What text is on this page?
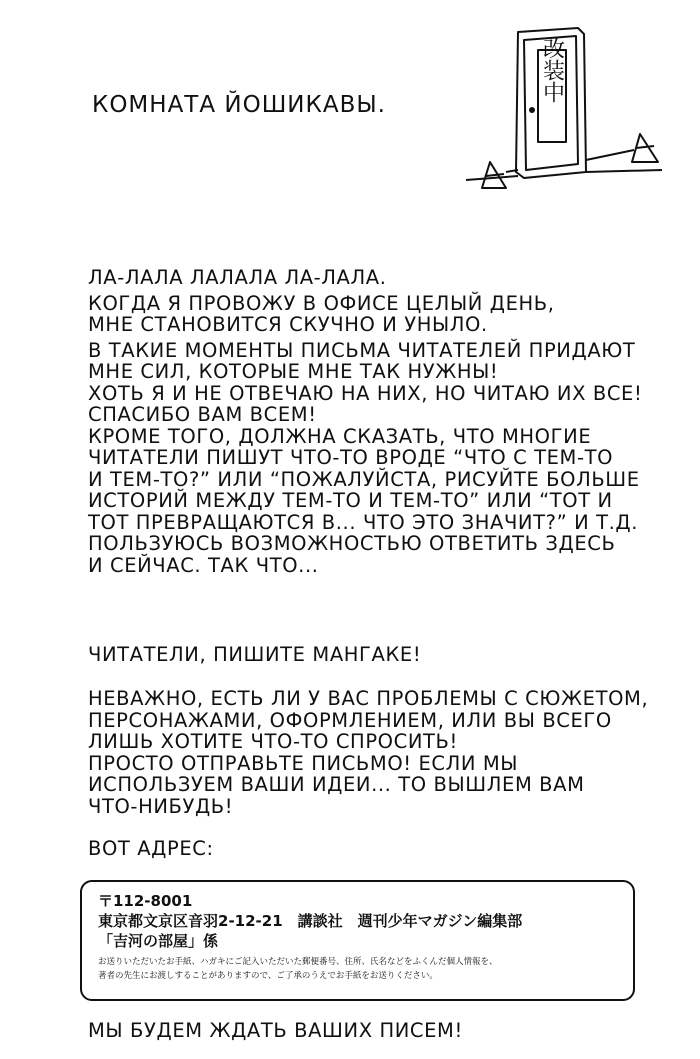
КОМНАТА ЙОШИКАВЫ.
改装中
ЛА-ЛАЛА ЛАЛАЛА ЛА-ЛАЛА.
КОГДА Я ПРОВОЖУ В ОФИСЕ ЦЕЛЫЙ ДЕНЬ,
МНЕ СТАНОВИТСЯ СКУЧНО И УНЫЛО.
В ТАКИЕ МОМЕНТЫ ПИСЬМА ЧИТАТЕЛЕЙ ПРИДАЮТ
МНЕ СИЛ, КОТОРЫЕ МНЕ ТАК НУЖНЫ!
ХОТЬ Я И НЕ ОТВЕЧАЮ НА НИХ, НО ЧИТАЮ ИХ ВСЕ!
СПАСИБО ВАМ ВСЕМ!
КРОМЕ ТОГО, ДОЛЖНА СКАЗАТЬ, ЧТО МНОГИЕ
ЧИТАТЕЛИ ПИШУТ ЧТО-ТО ВРОДЕ “ЧТО С ТЕМ-ТО
И ТЕМ-ТО?” ИЛИ “ПОЖАЛУЙСТА, РИСУЙТЕ БОЛЬШЕ
ИСТОРИЙ МЕЖДУ ТЕМ-ТО И ТЕМ-ТО” ИЛИ “ТОТ И
ТОТ ПРЕВРАЩАЮТСЯ В... ЧТО ЭТО ЗНАЧИТ?” И Т.Д.
ПОЛЬЗУЮСЬ ВОЗМОЖНОСТЬЮ ОТВЕТИТЬ ЗДЕСЬ
И СЕЙЧАС. ТАК ЧТО...
ЧИТАТЕЛИ, ПИШИТЕ МАНГАКЕ!
НЕВАЖНО, ЕСТЬ ЛИ У ВАС ПРОБЛЕМЫ С СЮЖЕТОМ,
ПЕРСОНАЖАМИ, ОФОРМЛЕНИЕМ, ИЛИ ВЫ ВСЕГО
ЛИШЬ ХОТИТЕ ЧТО-ТО СПРОСИТЬ!
ПРОСТО ОТПРАВЬТЕ ПИСЬМО! ЕСЛИ МЫ
ИСПОЛЬЗУЕМ ВАШИ ИДЕИ... ТО ВЫШЛЕМ ВАМ
ЧТО-НИБУДЬ!
ВОТ АДРЕС:
〒112-8001
東京都文京区音羽2-12-21　講談社　週刊少年マガジン編集部
「吉河の部屋」係
お送りいただいたお手紙、ハガキにご記入いただいた郵便番号、住所、氏名などをふくんだ個人情報を、
著者の先生にお渡しすることがありますので、ご了承のうえでお手紙をお送りください。
МЫ БУДЕМ ЖДАТЬ ВАШИХ ПИСЕМ!
